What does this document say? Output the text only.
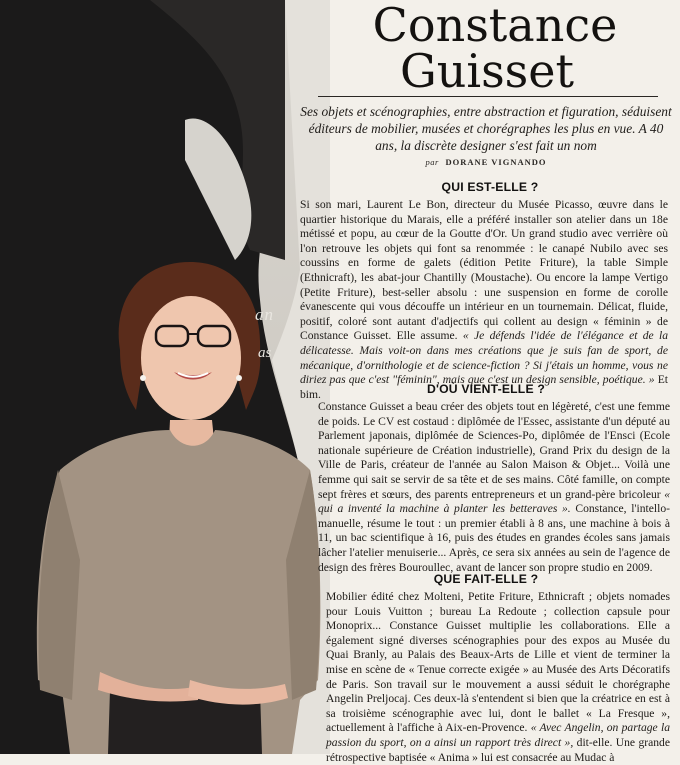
an
as
Constance
Guisset
Ses objets et scénographies, entre abstraction et figuration, séduisent éditeurs de mobilier, musées et chorégraphes les plus en vue. A 40 ans, la discrète designer s'est fait un nom
par DORANE VIGNANDO
QUI EST-ELLE ?

Si son mari, Laurent Le Bon, directeur du Musée Picasso, œuvre dans le quartier historique du Marais, elle a préféré installer son atelier dans un 18e métissé et popu, au cœur de la Goutte d'Or. Un grand studio avec verrière où l'on retrouve les objets qui font sa renommée : le canapé Nubilo avec ses coussins en forme de galets (édition Petite Friture), la table Simple (Ethnicraft), les abat-jour Chantilly (Moustache). Ou encore la lampe Vertigo (Petite Friture), best-seller absolu : une suspension en forme de corolle évanescente qui vous découffe un intérieur en un tournemain. Délicat, fluide, positif, coloré sont autant d'adjectifs qui collent au design « féminin » de Constance Guisset. Elle assume. « Je défends l'idée de l'élégance et de la délicatesse. Mais voit-on dans mes créations que je suis fan de sport, de mécanique, d'ornithologie et de science-fiction ? Si j'étais un homme, vous ne diriez pas que c'est "féminin", mais que c'est un design sensible, poétique. » Et bim.	D'OÙ VIENT-ELLE ?

Constance Guisset a beau créer des objets tout en légèreté, c'est une femme de poids. Le CV est costaud : diplômée de l'Essec, assistante d'un député au Parlement japonais, diplômée de Sciences-Po, diplômée de l'Ensci (Ecole nationale supérieure de Création industrielle), Grand Prix du design de la Ville de Paris, créateur de l'année au Salon Maison & Objet... Voilà une femme qui sait se servir de sa tête et de ses mains. Côté famille, on compte sept frères et sœurs, des parents entrepreneurs et un grand-père bricoleur « qui a inventé la machine à planter les betteraves ». Constance, l'intello-manuelle, résume le tout : un premier établi à 8 ans, une machine à bois à 11, un bac scientifique à 16, puis des études en grandes écoles sans jamais lâcher l'atelier menuiserie... Après, ce sera six années au sein de l'agence de design des frères Bouroullec, avant de lancer son propre studio en 2009.

QUE FAIT-ELLE ?

Mobilier édité chez Molteni, Petite Friture, Ethnicraft ; objets nomades pour Louis Vuitton ; bureau La Redoute ; collection capsule pour Monoprix... Constance Guisset multiplie les collaborations. Elle a également signé diverses scénographies pour des expos au Musée du Quai Branly, au Palais des Beaux-Arts de Lille et vient de terminer la mise en scène de « Tenue correcte exigée » au Musée des Arts Décoratifs de Paris. Son travail sur le mouvement a aussi séduit le chorégraphe Angelin Preljocaj. Ces deux-là s'entendent si bien que la créatrice en est à sa troisième scénographie avec lui, dont le ballet « La Fresque », actuellement à l'affiche à Aix-en-Provence. « Avec Angelin, on partage la passion du sport, on a ainsi un rapport très direct », dit-elle. Une grande rétrospective baptisée « Anima » lui est consacrée au Mudac à
